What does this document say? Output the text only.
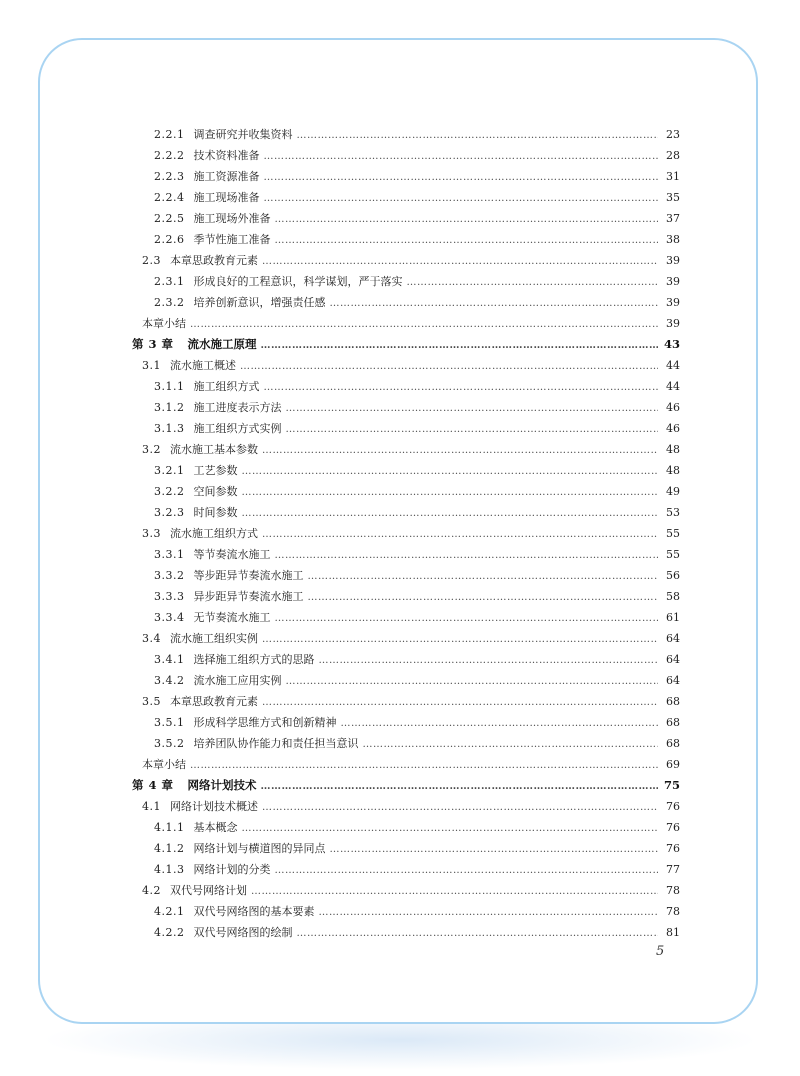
2.2.1 调查研究并收集资料 …………………………………………………………………………………………………………………………………………………………	23
2.2.2 技术资料准备 …………………………………………………………………………………………………………………………………………………………	28
2.2.3 施工资源准备 …………………………………………………………………………………………………………………………………………………………	31
2.2.4 施工现场准备 …………………………………………………………………………………………………………………………………………………………	35
2.2.5 施工现场外准备 …………………………………………………………………………………………………………………………………………………………	37
2.2.6 季节性施工准备 …………………………………………………………………………………………………………………………………………………………	38
2.3 本章思政教育元素 …………………………………………………………………………………………………………………………………………………………	39
2.3.1 形成良好的工程意识，科学谋划，严于落实 …………………………………………………………………………………………………………………………………………………………	39
2.3.2 培养创新意识，增强责任感 …………………………………………………………………………………………………………………………………………………………	39
本章小结 …………………………………………………………………………………………………………………………………………………………	39
第 3 章 流水施工原理 …………………………………………………………………………………………………………………………………………………………	43
3.1 流水施工概述 …………………………………………………………………………………………………………………………………………………………	44
3.1.1 施工组织方式 …………………………………………………………………………………………………………………………………………………………	44
3.1.2 施工进度表示方法 …………………………………………………………………………………………………………………………………………………………	46
3.1.3 施工组织方式实例 …………………………………………………………………………………………………………………………………………………………	46
3.2 流水施工基本参数 …………………………………………………………………………………………………………………………………………………………	48
3.2.1 工艺参数 …………………………………………………………………………………………………………………………………………………………	48
3.2.2 空间参数 …………………………………………………………………………………………………………………………………………………………	49
3.2.3 时间参数 …………………………………………………………………………………………………………………………………………………………	53
3.3 流水施工组织方式 …………………………………………………………………………………………………………………………………………………………	55
3.3.1 等节奏流水施工 …………………………………………………………………………………………………………………………………………………………	55
3.3.2 等步距异节奏流水施工 …………………………………………………………………………………………………………………………………………………………	56
3.3.3 异步距异节奏流水施工 …………………………………………………………………………………………………………………………………………………………	58
3.3.4 无节奏流水施工 …………………………………………………………………………………………………………………………………………………………	61
3.4 流水施工组织实例 …………………………………………………………………………………………………………………………………………………………	64
3.4.1 选择施工组织方式的思路 …………………………………………………………………………………………………………………………………………………………	64
3.4.2 流水施工应用实例 …………………………………………………………………………………………………………………………………………………………	64
3.5 本章思政教育元素 …………………………………………………………………………………………………………………………………………………………	68
3.5.1 形成科学思维方式和创新精神 …………………………………………………………………………………………………………………………………………………………	68
3.5.2 培养团队协作能力和责任担当意识 …………………………………………………………………………………………………………………………………………………………	68
本章小结 …………………………………………………………………………………………………………………………………………………………	69
第 4 章 网络计划技术 …………………………………………………………………………………………………………………………………………………………	75
4.1 网络计划技术概述 …………………………………………………………………………………………………………………………………………………………	76
4.1.1 基本概念 …………………………………………………………………………………………………………………………………………………………	76
4.1.2 网络计划与横道图的异同点 …………………………………………………………………………………………………………………………………………………………	76
4.1.3 网络计划的分类 …………………………………………………………………………………………………………………………………………………………	77
4.2 双代号网络计划 …………………………………………………………………………………………………………………………………………………………	78
4.2.1 双代号网络图的基本要素 …………………………………………………………………………………………………………………………………………………………	78
4.2.2 双代号网络图的绘制 …………………………………………………………………………………………………………………………………………………………	81
5
